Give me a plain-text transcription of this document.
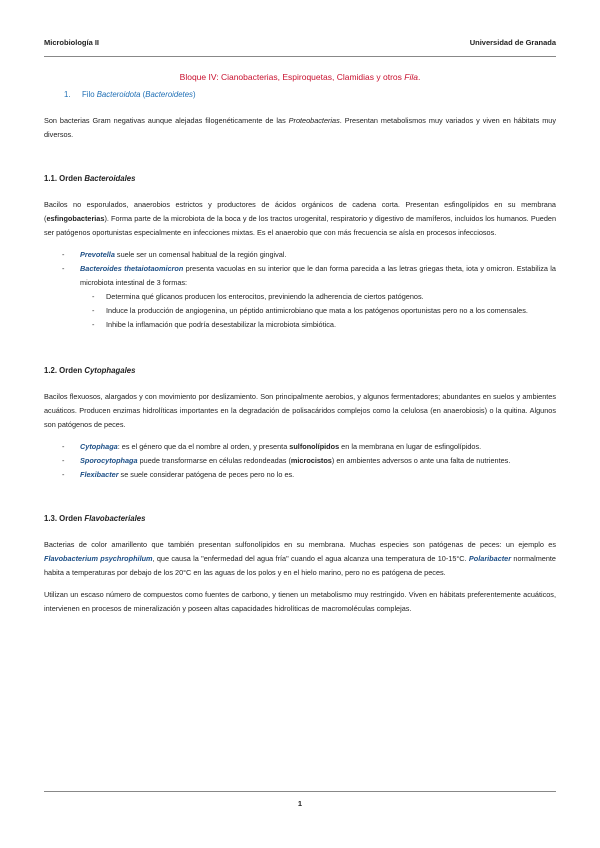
Microbiología II	Universidad de Granada
Bloque IV: Cianobacterias, Espiroquetas, Clamidias y otros Fila.
1. Filo Bacteroidota (Bacteroidetes)

Son bacterias Gram negativas aunque alejadas filogenéticamente de las Proteobacterias. Presentan metabolismos muy variados y viven en hábitats muy diversos.

1.1. Orden Bacteroidales

Bacilos no esporulados, anaerobios estrictos y productores de ácidos orgánicos de cadena corta. Presentan esfingolípidos en su membrana (esfingobacterias). Forma parte de la microbiota de la boca y de los tractos urogenital, respiratorio y digestivo de mamíferos, incluidos los humanos. Pueden ser patógenos oportunistas especialmente en infecciones mixtas. Es el anaerobio que con más frecuencia se aísla en procesos infecciosos.

- Prevotella suele ser un comensal habitual de la región gingival.
- Bacteroides thetaiotaomicron presenta vacuolas en su interior que le dan forma parecida a las letras griegas theta, iota y omicron. Estabiliza la microbiota intestinal de 3 formas:
- Determina qué glicanos producen los enterocitos, previniendo la adherencia de ciertos patógenos.
- Induce la producción de angiogenina, un péptido antimicrobiano que mata a los patógenos oportunistas pero no a los comensales.
- Inhibe la inflamación que podría desestabilizar la microbiota simbiótica.
1.2. Orden Cytophagales

Bacilos flexuosos, alargados y con movimiento por deslizamiento. Son principalmente aerobios, y algunos fermentadores; abundantes en suelos y ambientes acuáticos. Producen enzimas hidrolíticas importantes en la degradación de polisacáridos complejos como la celulosa (en anaerobiosis) o la quitina. Algunos son patógenos de peces.

- Cytophaga: es el género que da el nombre al orden, y presenta sulfonolípidos en la membrana en lugar de esfingolípidos.
- Sporocytophaga puede transformarse en células redondeadas (microcistos) en ambientes adversos o ante una falta de nutrientes.
- Flexibacter se suele considerar patógena de peces pero no lo es.
1.3. Orden Flavobacteriales

Bacterias de color amarillento que también presentan sulfonolípidos en su membrana. Muchas especies son patógenas de peces: un ejemplo es Flavobacterium psychrophilum, que causa la "enfermedad del agua fría" cuando el agua alcanza una temperatura de 10-15°C. Polaribacter normalmente habita a temperaturas por debajo de los 20°C en las aguas de los polos y en el hielo marino, pero no es patógena de peces.

Utilizan un escaso número de compuestos como fuentes de carbono, y tienen un metabolismo muy restringido. Viven en hábitats preferentemente acuáticos, intervienen en procesos de mineralización y poseen altas capacidades hidrolíticas de macromoléculas complejas.

1
